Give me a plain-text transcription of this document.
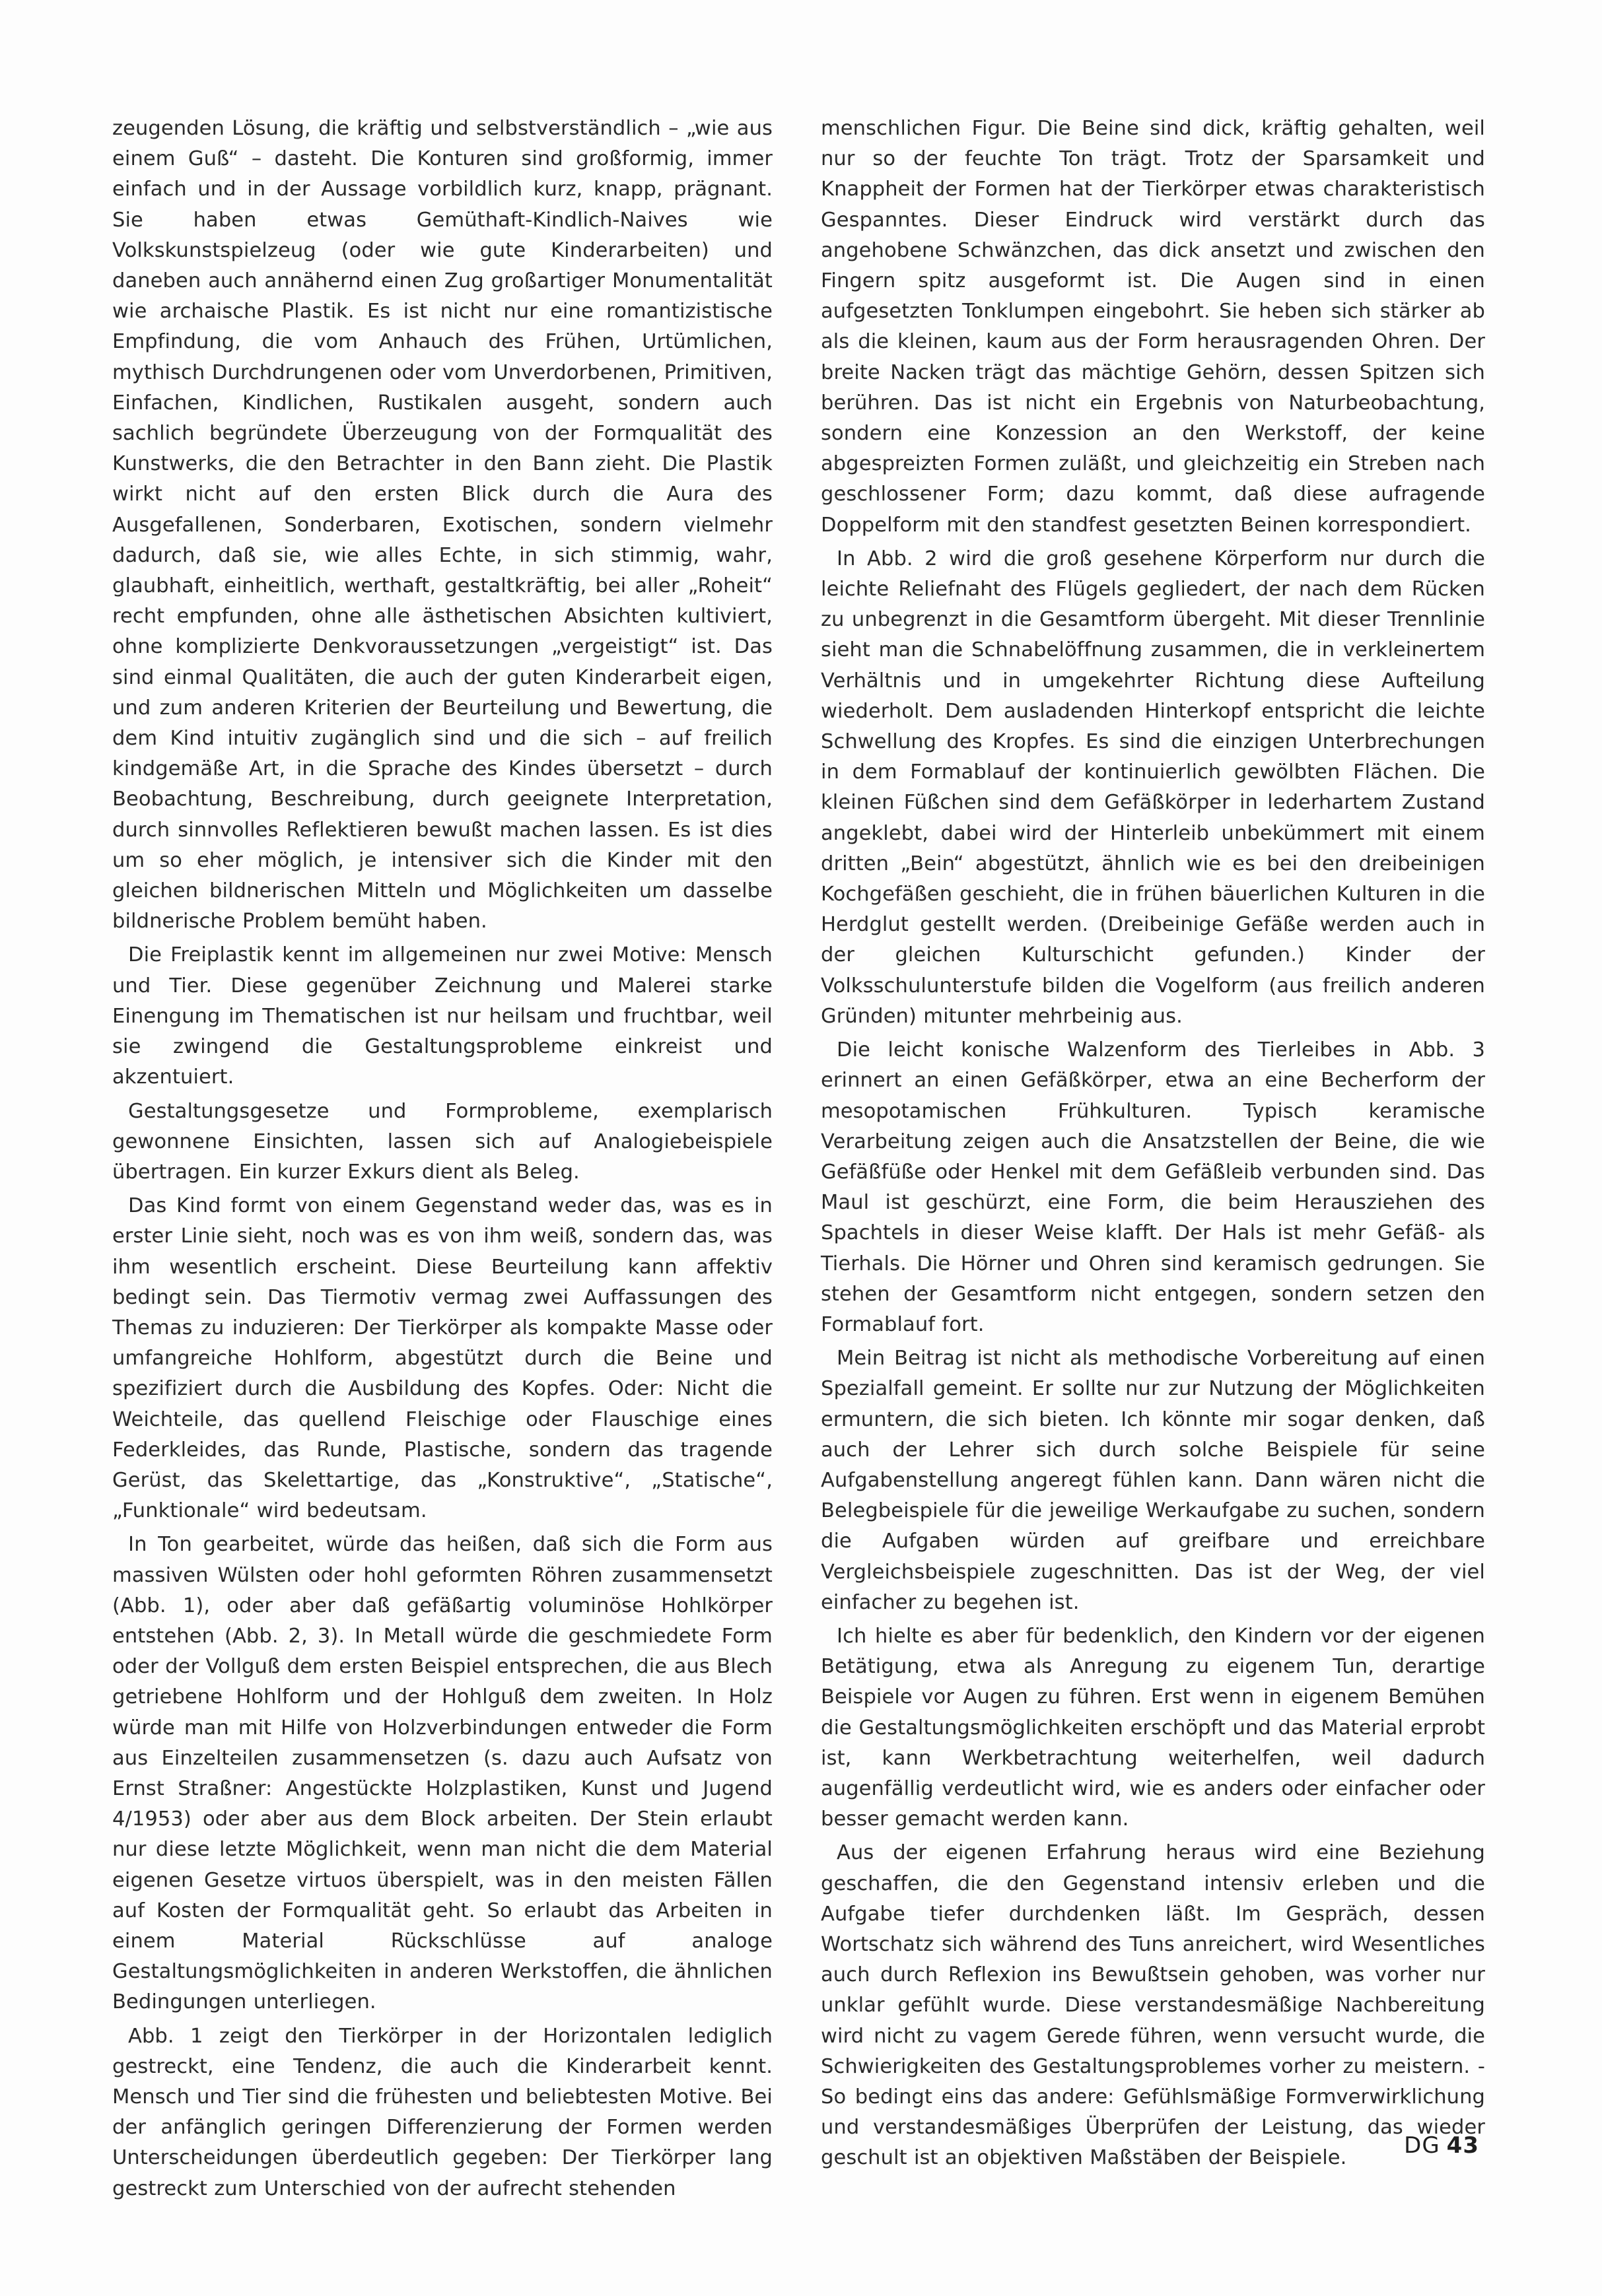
zeugenden Lösung, die kräftig und selbstverständlich – „wie aus einem Guß“ – dasteht. Die Konturen sind großformig, immer einfach und in der Aussage vorbildlich kurz, knapp, prägnant. Sie haben etwas Gemüthaft-Kindlich-Naives wie Volkskunstspielzeug (oder wie gute Kinderarbeiten) und daneben auch annähernd einen Zug großartiger Monumentalität wie archaische Plastik. Es ist nicht nur eine romantizistische Empfindung, die vom Anhauch des Frühen, Urtümlichen, mythisch Durchdrungenen oder vom Unverdorbenen, Primitiven, Einfachen, Kindlichen, Rustikalen ausgeht, sondern auch sachlich begründete Überzeugung von der Formqualität des Kunstwerks, die den Betrachter in den Bann zieht. Die Plastik wirkt nicht auf den ersten Blick durch die Aura des Ausgefallenen, Sonderbaren, Exotischen, sondern vielmehr dadurch, daß sie, wie alles Echte, in sich stimmig, wahr, glaubhaft, einheitlich, werthaft, gestaltkräftig, bei aller „Roheit“ recht empfunden, ohne alle ästhetischen Absichten kultiviert, ohne komplizierte Denkvoraussetzungen „vergeistigt“ ist. Das sind einmal Qualitäten, die auch der guten Kinderarbeit eigen, und zum anderen Kriterien der Beurteilung und Bewertung, die dem Kind intuitiv zugänglich sind und die sich – auf freilich kindgemäße Art, in die Sprache des Kindes übersetzt – durch Beobachtung, Beschreibung, durch geeignete Interpretation, durch sinnvolles Reflektieren bewußt machen lassen. Es ist dies um so eher möglich, je intensiver sich die Kinder mit den gleichen bildnerischen Mitteln und Möglichkeiten um dasselbe bildnerische Problem bemüht haben.

Die Freiplastik kennt im allgemeinen nur zwei Motive: Mensch und Tier. Diese gegenüber Zeichnung und Malerei starke Einengung im Thematischen ist nur heilsam und fruchtbar, weil sie zwingend die Gestaltungsprobleme einkreist und akzentuiert.

Gestaltungsgesetze und Formprobleme, exemplarisch gewonnene Einsichten, lassen sich auf Analogiebeispiele übertragen. Ein kurzer Exkurs dient als Beleg.

Das Kind formt von einem Gegenstand weder das, was es in erster Linie sieht, noch was es von ihm weiß, sondern das, was ihm wesentlich erscheint. Diese Beurteilung kann affektiv bedingt sein. Das Tiermotiv vermag zwei Auffassungen des Themas zu induzieren: Der Tierkörper als kompakte Masse oder umfangreiche Hohlform, abgestützt durch die Beine und spezifiziert durch die Ausbildung des Kopfes. Oder: Nicht die Weichteile, das quellend Fleischige oder Flauschige eines Federkleides, das Runde, Plastische, sondern das tragende Gerüst, das Skelettartige, das „Konstruktive“, „Statische“, „Funktionale“ wird bedeutsam.

In Ton gearbeitet, würde das heißen, daß sich die Form aus massiven Wülsten oder hohl geformten Röhren zusammensetzt (Abb. 1), oder aber daß gefäßartig voluminöse Hohlkörper entstehen (Abb. 2, 3). In Metall würde die geschmiedete Form oder der Vollguß dem ersten Beispiel entsprechen, die aus Blech getriebene Hohlform und der Hohlguß dem zweiten. In Holz würde man mit Hilfe von Holzverbindungen entweder die Form aus Einzelteilen zusammensetzen (s. dazu auch Aufsatz von Ernst Straßner: Angestückte Holzplastiken, Kunst und Jugend 4/1953) oder aber aus dem Block arbeiten. Der Stein erlaubt nur diese letzte Möglichkeit, wenn man nicht die dem Material eigenen Gesetze virtuos überspielt, was in den meisten Fällen auf Kosten der Formqualität geht. So erlaubt das Arbeiten in einem Material Rückschlüsse auf analoge Gestaltungsmöglichkeiten in anderen Werkstoffen, die ähnlichen Bedingungen unterliegen.

Abb. 1 zeigt den Tierkörper in der Horizontalen lediglich gestreckt, eine Tendenz, die auch die Kinderarbeit kennt. Mensch und Tier sind die frühesten und beliebtesten Motive. Bei der anfänglich geringen Differenzierung der Formen werden Unterscheidungen überdeutlich gegeben: Der Tierkörper lang gestreckt zum Unterschied von der aufrecht stehenden

menschlichen Figur. Die Beine sind dick, kräftig gehalten, weil nur so der feuchte Ton trägt. Trotz der Sparsamkeit und Knappheit der Formen hat der Tierkörper etwas charakteristisch Gespanntes. Dieser Eindruck wird verstärkt durch das angehobene Schwänzchen, das dick ansetzt und zwischen den Fingern spitz ausgeformt ist. Die Augen sind in einen aufgesetzten Tonklumpen eingebohrt. Sie heben sich stärker ab als die kleinen, kaum aus der Form herausragenden Ohren. Der breite Nacken trägt das mächtige Gehörn, dessen Spitzen sich berühren. Das ist nicht ein Ergebnis von Naturbeobachtung, sondern eine Konzession an den Werkstoff, der keine abgespreizten Formen zuläßt, und gleichzeitig ein Streben nach geschlossener Form; dazu kommt, daß diese aufragende Doppelform mit den standfest gesetzten Beinen korrespondiert.

In Abb. 2 wird die groß gesehene Körperform nur durch die leichte Reliefnaht des Flügels gegliedert, der nach dem Rücken zu unbegrenzt in die Gesamtform übergeht. Mit dieser Trennlinie sieht man die Schnabelöffnung zusammen, die in verkleinertem Verhältnis und in umgekehrter Richtung diese Aufteilung wiederholt. Dem ausladenden Hinterkopf entspricht die leichte Schwellung des Kropfes. Es sind die einzigen Unterbrechungen in dem Formablauf der kontinuierlich gewölbten Flächen. Die kleinen Füßchen sind dem Gefäßkörper in lederhartem Zustand angeklebt, dabei wird der Hinterleib unbekümmert mit einem dritten „Bein“ abgestützt, ähnlich wie es bei den dreibeinigen Kochgefäßen geschieht, die in frühen bäuerlichen Kulturen in die Herdglut gestellt werden. (Dreibeinige Gefäße werden auch in der gleichen Kulturschicht gefunden.) Kinder der Volksschulunterstufe bilden die Vogelform (aus freilich anderen Gründen) mitunter mehrbeinig aus.

Die leicht konische Walzenform des Tierleibes in Abb. 3 erinnert an einen Gefäßkörper, etwa an eine Becherform der mesopotamischen Frühkulturen. Typisch keramische Verarbeitung zeigen auch die Ansatzstellen der Beine, die wie Gefäßfüße oder Henkel mit dem Gefäßleib verbunden sind. Das Maul ist geschürzt, eine Form, die beim Herausziehen des Spachtels in dieser Weise klafft. Der Hals ist mehr Gefäß- als Tierhals. Die Hörner und Ohren sind keramisch gedrungen. Sie stehen der Gesamtform nicht entgegen, sondern setzen den Formablauf fort.

Mein Beitrag ist nicht als methodische Vorbereitung auf einen Spezialfall gemeint. Er sollte nur zur Nutzung der Möglichkeiten ermuntern, die sich bieten. Ich könnte mir sogar denken, daß auch der Lehrer sich durch solche Beispiele für seine Aufgabenstellung angeregt fühlen kann. Dann wären nicht die Belegbeispiele für die jeweilige Werkaufgabe zu suchen, sondern die Aufgaben würden auf greifbare und erreichbare Vergleichsbeispiele zugeschnitten. Das ist der Weg, der viel einfacher zu begehen ist.

Ich hielte es aber für bedenklich, den Kindern vor der eigenen Betätigung, etwa als Anregung zu eigenem Tun, derartige Beispiele vor Augen zu führen. Erst wenn in eigenem Bemühen die Gestaltungsmöglichkeiten erschöpft und das Material erprobt ist, kann Werkbetrachtung weiterhelfen, weil dadurch augenfällig verdeutlicht wird, wie es anders oder einfacher oder besser gemacht werden kann.

Aus der eigenen Erfahrung heraus wird eine Beziehung geschaffen, die den Gegenstand intensiv erleben und die Aufgabe tiefer durchdenken läßt. Im Gespräch, dessen Wortschatz sich während des Tuns anreichert, wird Wesentliches auch durch Reflexion ins Bewußtsein gehoben, was vorher nur unklar gefühlt wurde. Diese verstandesmäßige Nachbereitung wird nicht zu vagem Gerede führen, wenn versucht wurde, die Schwierigkeiten des Gestaltungsproblemes vorher zu meistern. - So bedingt eins das andere: Gefühlsmäßige Formverwirklichung und verstandesmäßiges Überprüfen der Leistung, das wieder geschult ist an objektiven Maßstäben der Beispiele.	DG 43
